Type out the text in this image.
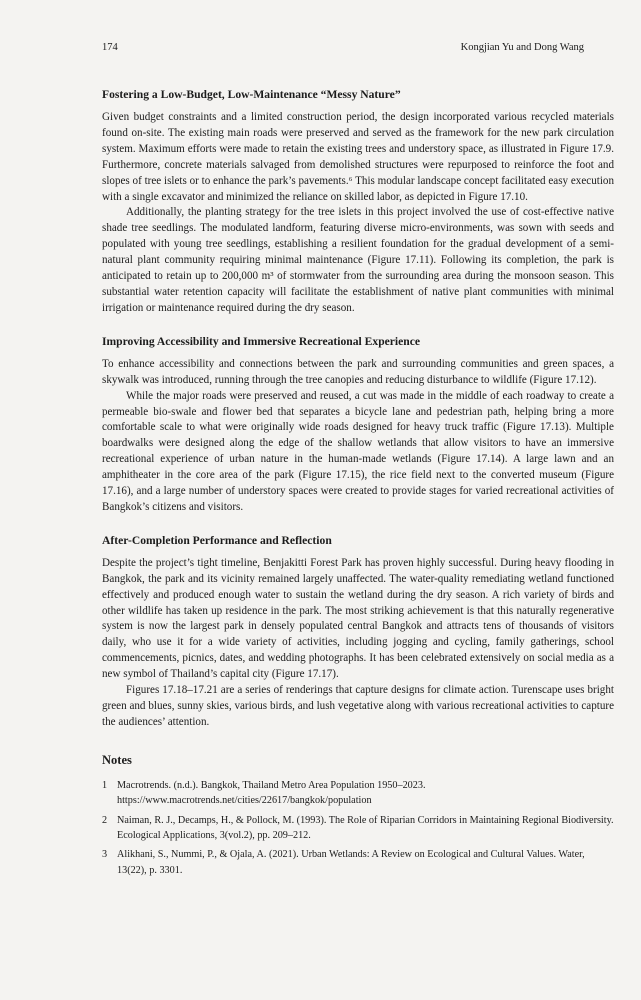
174	Kongjian Yu and Dong Wang
Fostering a Low-Budget, Low-Maintenance “Messy Nature”

Given budget constraints and a limited construction period, the design incorporated various recycled materials found on-site. The existing main roads were preserved and served as the framework for the new park circulation system. Maximum efforts were made to retain the existing trees and understory space, as illustrated in Figure 17.9. Furthermore, concrete materials salvaged from demolished structures were repurposed to reinforce the foot and slopes of tree islets or to enhance the park’s pavements.⁶ This modular landscape concept facilitated easy execution with a single excavator and minimized the reliance on skilled labor, as depicted in Figure 17.10.

Additionally, the planting strategy for the tree islets in this project involved the use of cost-effective native shade tree seedlings. The modulated landform, featuring diverse micro-environments, was sown with seeds and populated with young tree seedlings, establishing a resilient foundation for the gradual development of a semi-natural plant community requiring minimal maintenance (Figure 17.11). Following its completion, the park is anticipated to retain up to 200,000 m³ of stormwater from the surrounding area during the monsoon season. This substantial water retention capacity will facilitate the establishment of native plant communities with minimal irrigation or maintenance required during the dry season.

Improving Accessibility and Immersive Recreational Experience

To enhance accessibility and connections between the park and surrounding communities and green spaces, a skywalk was introduced, running through the tree canopies and reducing disturbance to wildlife (Figure 17.12).

While the major roads were preserved and reused, a cut was made in the middle of each roadway to create a permeable bio-swale and flower bed that separates a bicycle lane and pedestrian path, helping bring a more comfortable scale to what were originally wide roads designed for heavy truck traffic (Figure 17.13). Multiple boardwalks were designed along the edge of the shallow wetlands that allow visitors to have an immersive recreational experience of urban nature in the human-made wetlands (Figure 17.14). A large lawn and an amphitheater in the core area of the park (Figure 17.15), the rice field next to the converted museum (Figure 17.16), and a large number of understory spaces were created to provide stages for varied recreational activities of Bangkok’s citizens and visitors.

After-Completion Performance and Reflection

Despite the project’s tight timeline, Benjakitti Forest Park has proven highly successful. During heavy flooding in Bangkok, the park and its vicinity remained largely unaffected. The water-quality remediating wetland functioned effectively and produced enough water to sustain the wetland during the dry season. A rich variety of birds and other wildlife has taken up residence in the park. The most striking achievement is that this naturally regenerative system is now the largest park in densely populated central Bangkok and attracts tens of thousands of visitors daily, who use it for a wide variety of activities, including jogging and cycling, family gatherings, school commencements, picnics, dates, and wedding photographs. It has been celebrated extensively on social media as a new symbol of Thailand’s capital city (Figure 17.17).

Figures 17.18–17.21 are a series of renderings that capture designs for climate action. Turenscape uses bright green and blues, sunny skies, various birds, and lush vegetative along with various recreational activities to capture the audiences’ attention.

Notes
1 Macrotrends. (n.d.). Bangkok, Thailand Metro Area Population 1950–2023. https://www.macrotrends.net/cities/22617/bangkok/population
2 Naiman, R. J., Decamps, H., & Pollock, M. (1993). The Role of Riparian Corridors in Maintaining Regional Biodiversity. Ecological Applications, 3(vol.2), pp. 209–212.
3 Alikhani, S., Nummi, P., & Ojala, A. (2021). Urban Wetlands: A Review on Ecological and Cultural Values. Water, 13(22), p. 3301.
